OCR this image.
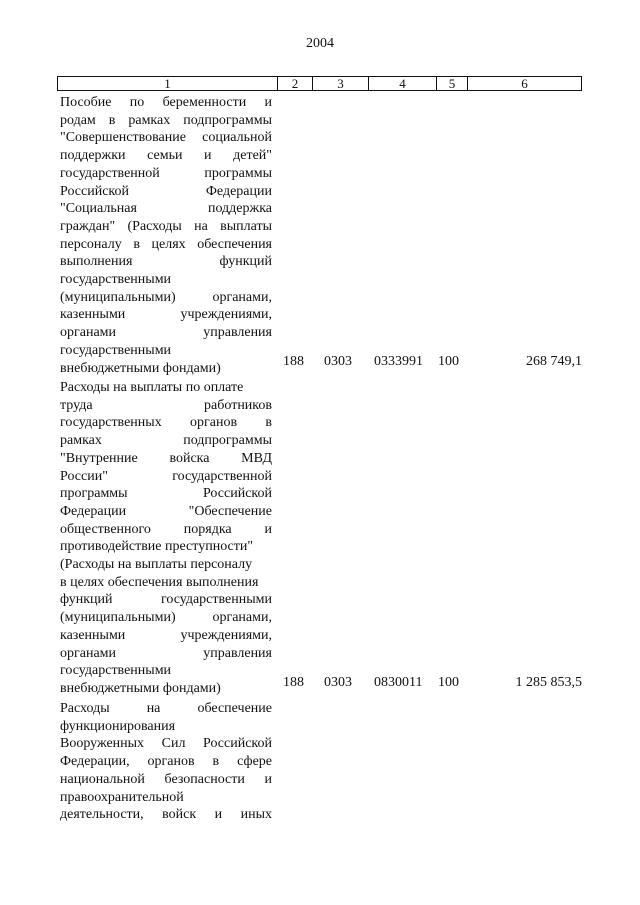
2004
1	2	3	4	5	6
Пособие по беременности и
родам в рамках подпрограммы
"Совершенствование социальной
поддержки семьи и детей"
государственной программы
Российской Федерации
"Социальная поддержка
граждан" (Расходы на выплаты
персоналу в целях обеспечения
выполнения функций
государственными
(муниципальными) органами,
казенными учреждениями,
органами управления
государственными
внебюджетными фондами)	188 0303 0333991 100	268 749,1
Расходы на выплаты по оплате
труда работников
государственных органов в
рамках подпрограммы
"Внутренние войска МВД
России" государственной
программы Российской
Федерации "Обеспечение
общественного порядка и
противодействие преступности"
(Расходы на выплаты персоналу
в целях обеспечения выполнения
функций государственными
(муниципальными) органами,
казенными учреждениями,
органами управления
государственными
внебюджетными фондами)	188 0303 0830011 100	1 285 853,5
Расходы на обеспечение
функционирования
Вооруженных Сил Российской
Федерации, органов в сфере
национальной безопасности и
правоохранительной
деятельности, войск и иных
